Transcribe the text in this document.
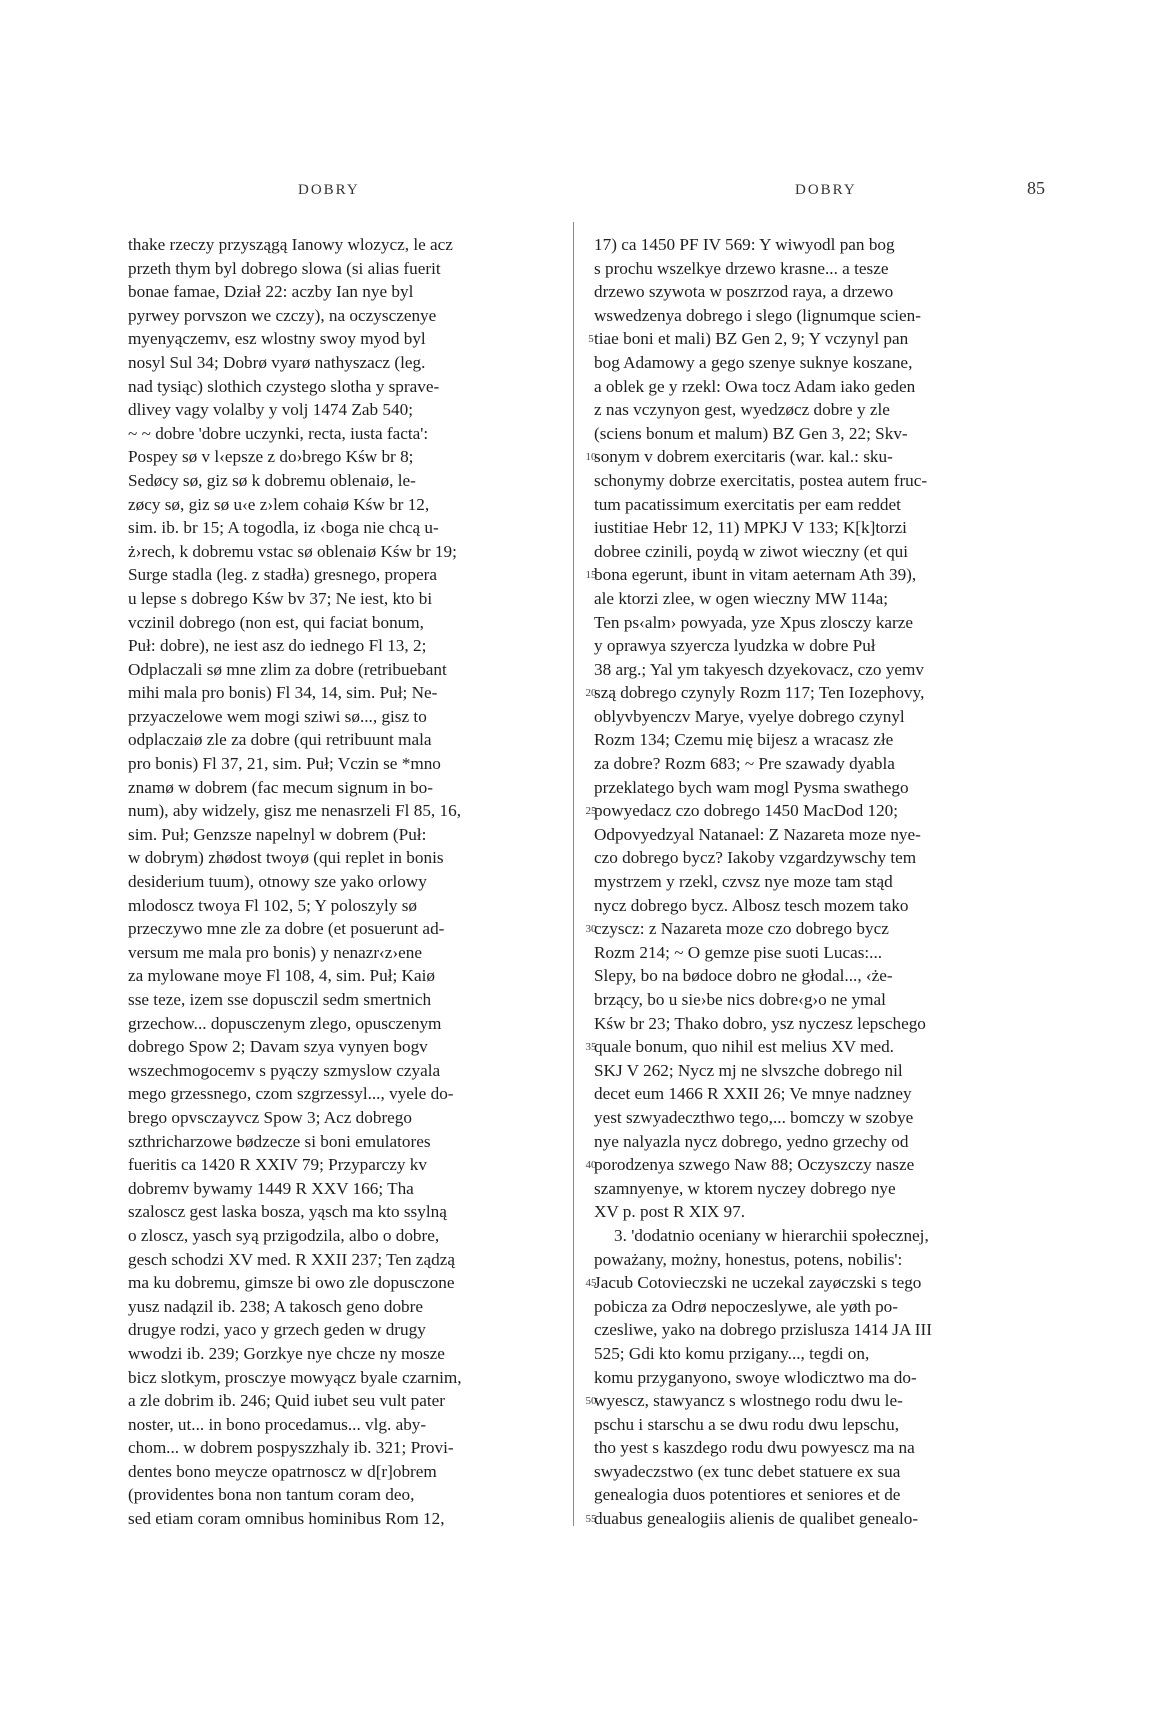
DOBRY	DOBRY	85
thake rzeczy przyszągą Ianowy wlozycz, le acz
przeth thym byl dobrego slowa (si alias fuerit
bonae famae, Dział 22: aczby Ian nye byl
pyrwey porvszon we czczy), na oczysczenye
myenyączemv, esz wlostny swoy myod byl
nosyl Sul 34; Dobrø vyarø nathyszacz (leg.
nad tysiąc) slothich czystego slotha y sprave-
dlivey vagy volalby y volj 1474 Zab 540;
~ ~ dobre 'dobre uczynki, recta, iusta facta':
Pospey sø v l‹epsze z do›brego Kśw br 8;
Sedøcy sø, giz sø k dobremu oblenaiø, le-
zøcy sø, giz sø u‹e z›lem cohaiø Kśw br 12,
sim. ib. br 15; A togodla, iz ‹boga nie chcą u-
ż›rech, k dobremu vstac sø oblenaiø Kśw br 19;
Surge stadla (leg. z stadła) gresnego, propera
u lepse s dobrego Kśw bv 37; Ne iest, kto bi
vczinil dobrego (non est, qui faciat bonum,
Puł: dobre), ne iest asz do iednego Fl 13, 2;
Odplaczali sø mne zlim za dobre (retribuebant
mihi mala pro bonis) Fl 34, 14, sim. Puł; Ne-
przyaczelowe wem mogi sziwi sø..., gisz to
odplaczaiø zle za dobre (qui retribuunt mala
pro bonis) Fl 37, 21, sim. Puł; Vczin se *mno
znamø w dobrem (fac mecum signum in bo-
num), aby widzely, gisz me nenasrzeli Fl 85, 16,
sim. Puł; Genzsze napelnyl w dobrem (Puł:
w dobrym) zhødost twoyø (qui replet in bonis
desiderium tuum), otnowy sze yako orlowy
mlodoscz twoya Fl 102, 5; Y poloszyly sø
przeczywo mne zle za dobre (et posuerunt ad-
versum me mala pro bonis) y nenazr‹z›ene
za mylowane moye Fl 108, 4, sim. Puł; Kaiø
sse teze, izem sse dopusczil sedm smertnich
grzechow... dopusczenym zlego, opusczenym
dobrego Spow 2; Davam szya vynyen bogv
wszechmogocemv s pyączy szmyslow czyala
mego grzessnego, czom szgrzessyl..., vyele do-
brego opvsczayvcz Spow 3; Acz dobrego
szthricharzowe bødzecze si boni emulatores
fueritis ca 1420 R XXIV 79; Przyparczy kv
dobremv bywamy 1449 R XXV 166; Tha
szaloscz gest laska bosza, yąsch ma kto ssylną
o zloscz, yasch syą przigodzila, albo o dobre,
gesch schodzi XV med. R XXII 237; Ten ządzą
ma ku dobremu, gimsze bi owo zle dopusczone
yusz nadązil ib. 238; A takosch geno dobre
drugye rodzi, yaco y grzech geden w drugy
wwodzi ib. 239; Gorzkye nye chcze ny mosze
bicz slotkym, prosczye mowyącz byale czarnim,
a zle dobrim ib. 246; Quid iubet seu vult pater
noster, ut... in bono procedamus... vlg. aby-
chom... w dobrem pospyszzhaly ib. 321; Provi-
dentes bono meycze opatrnoscz w d[r]obrem
(providentes bona non tantum coram deo,
sed etiam coram omnibus hominibus Rom 12,
5
10
15
20
25
30
35
40
45
50
55
17) ca 1450 PF IV 569: Y wiwyodl pan bog
s prochu wszelkye drzewo krasne... a tesze
drzewo szywota w poszrzod raya, a drzewo
wswedzenya dobrego i slego (lignumque scien-
tiae boni et mali) BZ Gen 2, 9; Y vczynyl pan
bog Adamowy a gego szenye suknye koszane,
a oblek ge y rzekl: Owa tocz Adam iako geden
z nas vczynyon gest, wyedzøcz dobre y zle
(sciens bonum et malum) BZ Gen 3, 22; Skv-
sonym v dobrem exercitaris (war. kal.: sku-
schonymy dobrze exercitatis, postea autem fruc-
tum pacatissimum exercitatis per eam reddet
iustitiae Hebr 12, 11) MPKJ V 133; K[k]torzi
dobree czinili, poydą w ziwot wieczny (et qui
bona egerunt, ibunt in vitam aeternam Ath 39),
ale ktorzi zlee, w ogen wieczny MW 114a;
Ten ps‹alm› powyada, yze Xpus zlosczy karze
y oprawya szyercza lyudzka w dobre Puł
38 arg.; Yal ym takyesch dzyekovacz, czo yemv
szą dobrego czynyly Rozm 117; Ten Iozephovy,
oblyvbyenczv Marye, vyelye dobrego czynyl
Rozm 134; Czemu mię bijesz a wracasz złe
za dobre? Rozm 683; ~ Pre szawady dyabla
przeklatego bych wam mogl Pysma swathego
powyedacz czo dobrego 1450 MacDod 120;
Odpovyedzyal Natanael: Z Nazareta moze nye-
czo dobrego bycz? Iakoby vzgardzywschy tem
mystrzem y rzekl, czvsz nye moze tam stąd
nycz dobrego bycz. Albosz tesch mozem tako
czyscz: z Nazareta moze czo dobrego bycz
Rozm 214; ~ O gemze pise suoti Lucas:...
Slepy, bo na bødoce dobro ne głodal..., ‹że-
brzący, bo u sie›be nics dobre‹g›o ne ymal
Kśw br 23; Thako dobro, ysz nyczesz lepschego
quale bonum, quo nihil est melius XV med.
SKJ V 262; Nycz mj ne slvszche dobrego nil
decet eum 1466 R XXII 26; Ve mnye nadzney
yest szwyadeczthwo tego,... bomczy w szobye
nye nalyazla nycz dobrego, yedno grzechy od
porodzenya szwego Naw 88; Oczyszczy nasze
szamnyenye, w ktorem nyczey dobrego nye
XV p. post R XIX 97.
3. 'dodatnio oceniany w hierarchii społecznej,
poważany, możny, honestus, potens, nobilis':
Jacub Cotovieczski ne uczekal zayøczski s tego
pobicza za Odrø nepoczeslywe, ale yøth po-
czesliwe, yako na dobrego przislusza 1414 JA III
525; Gdi kto komu przigany..., tegdi on,
komu przyganyono, swoye wlodicztwo ma do-
wyescz, stawyancz s wlostnego rodu dwu le-
pschu i starschu a se dwu rodu dwu lepschu,
tho yest s kaszdego rodu dwu powyescz ma na
swyadeczstwo (ex tunc debet statuere ex sua
genealogia duos potentiores et seniores et de
duabus genealogiis alienis de qualibet genealo-
